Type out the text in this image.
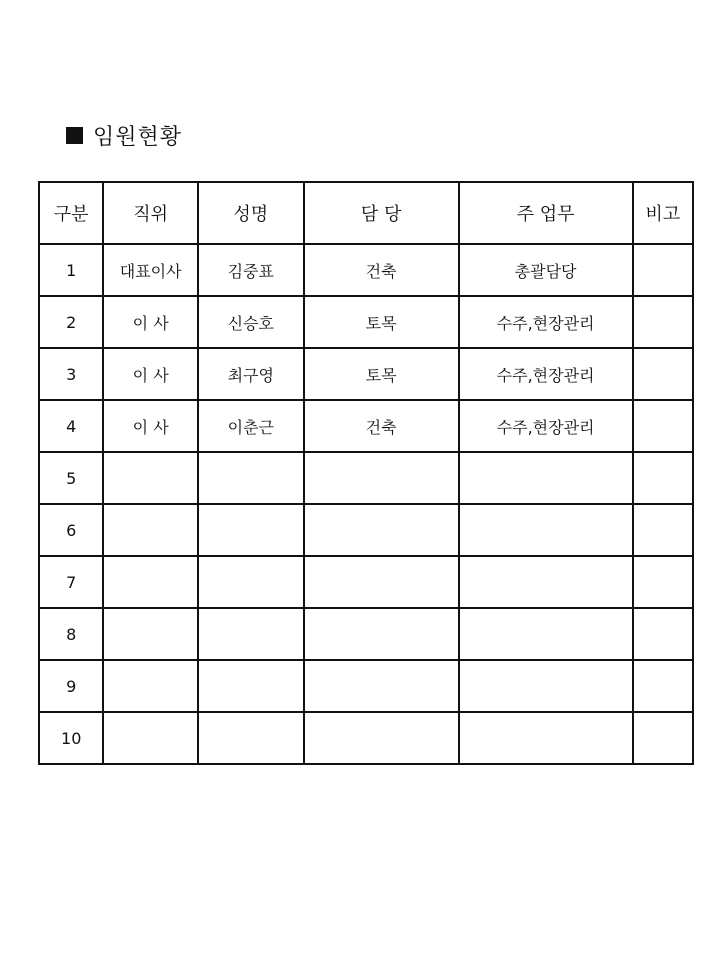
임원현황
구분	직위	성명	담 당	주 업무	비고
1	대표이사	김중표	건축	총괄담당	
2	이 사	신승호	토목	수주,현장관리	
3	이 사	최구영	토목	수주,현장관리	
4	이 사	이춘근	건축	수주,현장관리	
5					
6					
7					
8					
9					
10					
